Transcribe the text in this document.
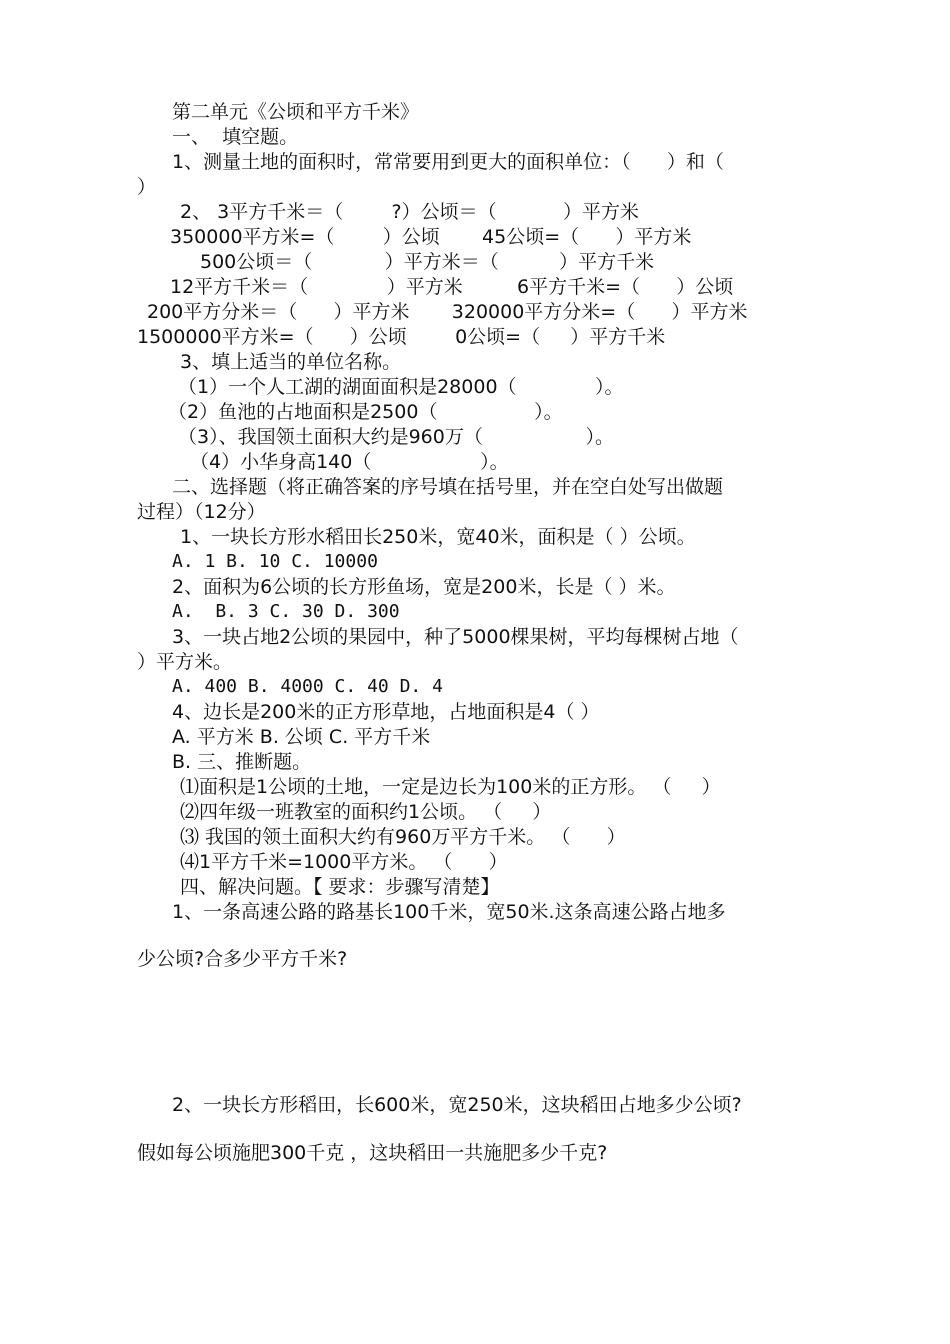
第二单元《公顷和平方千米》
一、  填空题。
1、测量土地的面积时，常常要用到更大的面积单位：（      ）和（
）
2、 3平方千米＝（        ?）公顷＝（           ）平方米
350000平方米=（        ）公顷       45公顷=（      ）平方米
500公顷＝（            ）平方米＝（          ）平方千米
12平方千米＝（             ）平方米         6平方千米=（      ）公顷
200平方分米＝（      ）平方米       320000平方分米=（      ）平方米
1500000平方米=（      ）公顷        0公顷=（     ）平方千米
3、填上适当的单位名称。
（1）一个人工湖的湖面面积是28000（             ）。
（2）鱼池的占地面积是2500（                ）。
（3）、我国领土面积大约是960万（                 ）。
（4）小华身高140（                  ）。
二、选择题（将正确答案的序号填在括号里，并在空白处写出做题
过程）（12分）
1、一块长方形水稻田长250米，宽40米，面积是（ ）公顷。
A. 1 B. 10 C. 10000
2、面积为6公顷的长方形鱼场，宽是200米，长是（ ）米。
A.  B. 3 C. 30 D. 300
3、一块占地2公顷的果园中，种了5000棵果树，平均每棵树占地（
）平方米。
A. 400 B. 4000 C. 40 D. 4
4、边长是200米的正方形草地，占地面积是4（ ）
A. 平方米 B. 公顷 C. 平方千米
B. 三、推断题。
⑴面积是1公顷的土地，一定是边长为100米的正方形。 （     ）
⑵四年级一班教室的面积约1公顷。 （     ）
⑶ 我国的领土面积大约有960万平方千米。 （      ）
⑷1平方千米=1000平方米。 （      ）
四、解决问题。【 要求：步骤写清楚】
1、一条高速公路的路基长100千米，宽50米.这条高速公路占地多
少公顷?合多少平方千米?
2、一块长方形稻田，长600米，宽250米，这块稻田占地多少公顷?
假如每公顷施肥300千克 ，这块稻田一共施肥多少千克?
